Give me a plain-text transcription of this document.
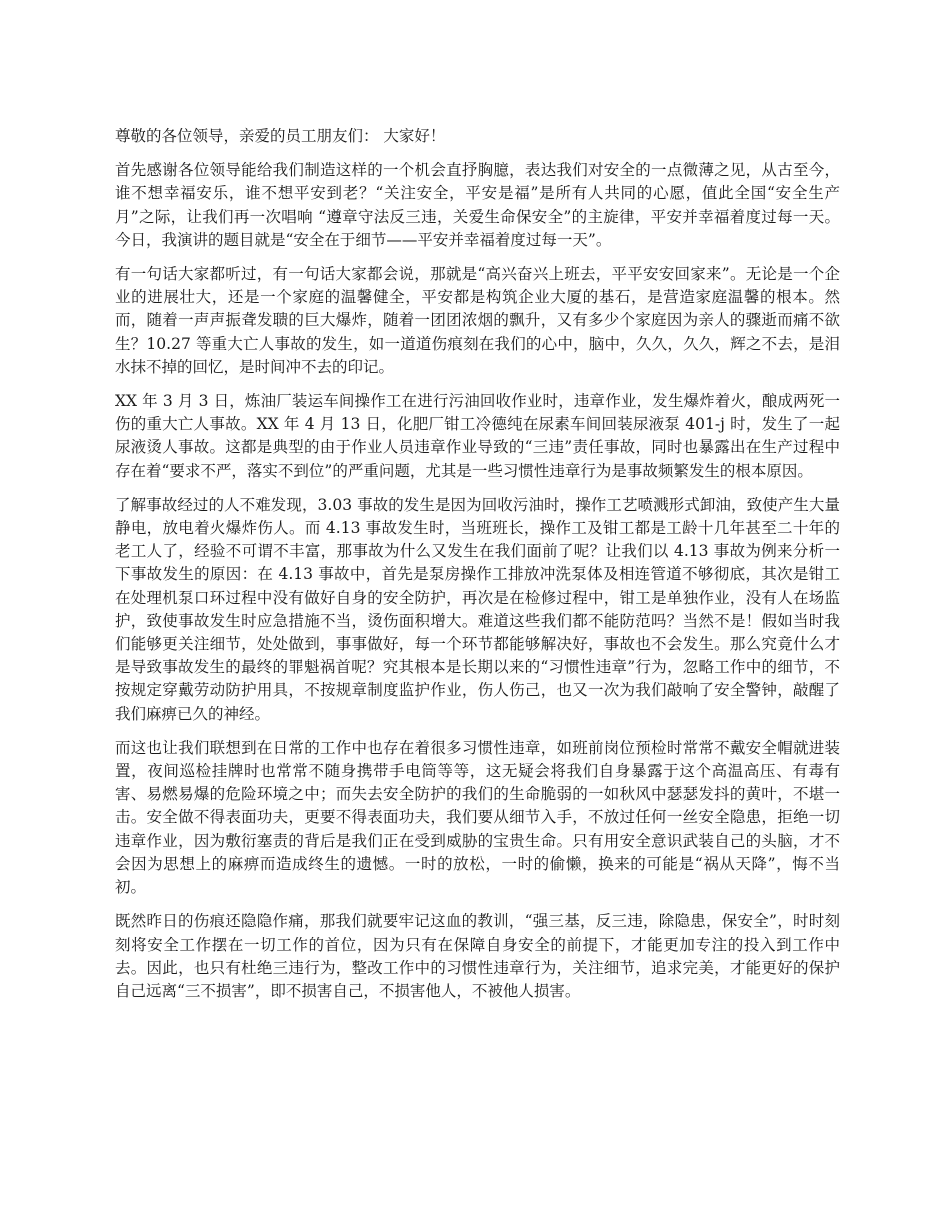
尊敬的各位领导，亲爱的员工朋友们： 大家好！

首先感谢各位领导能给我们制造这样的一个机会直抒胸臆，表达我们对安全的一点微薄之见，从古至今，谁不想幸福安乐，谁不想平安到老？“关注安全，平安是福”是所有人共同的心愿，值此全国“安全生产月”之际，让我们再一次唱响 “遵章守法反三违，关爱生命保安全”的主旋律，平安并幸福着度过每一天。今日，我演讲的题目就是“安全在于细节——平安并幸福着度过每一天”。

有一句话大家都听过，有一句话大家都会说，那就是“高兴奋兴上班去，平平安安回家来”。无论是一个企业的进展壮大，还是一个家庭的温馨健全，平安都是构筑企业大厦的基石，是营造家庭温馨的根本。然而，随着一声声振聋发聩的巨大爆炸，随着一团团浓烟的飘升，又有多少个家庭因为亲人的骤逝而痛不欲生？10.27 等重大亡人事故的发生，如一道道伤痕刻在我们的心中，脑中，久久，久久，辉之不去，是泪水抹不掉的回忆，是时间冲不去的印记。

XX 年 3 月 3 日，炼油厂装运车间操作工在进行污油回收作业时，违章作业，发生爆炸着火，酿成两死一伤的重大亡人事故。XX 年 4 月 13 日，化肥厂钳工冷德纯在尿素车间回装尿液泵 401-j 时，发生了一起尿液烫人事故。这都是典型的由于作业人员违章作业导致的“三违”责任事故，同时也暴露出在生产过程中存在着“要求不严，落实不到位”的严重问题，尤其是一些习惯性违章行为是事故频繁发生的根本原因。

了解事故经过的人不难发现，3.03 事故的发生是因为回收污油时，操作工艺喷溅形式卸油，致使产生大量静电，放电着火爆炸伤人。而 4.13 事故发生时，当班班长，操作工及钳工都是工龄十几年甚至二十年的老工人了，经验不可谓不丰富，那事故为什么又发生在我们面前了呢？让我们以 4.13 事故为例来分析一下事故发生的原因：在 4.13 事故中，首先是泵房操作工排放冲洗泵体及相连管道不够彻底，其次是钳工在处理机泵口环过程中没有做好自身的安全防护，再次是在检修过程中，钳工是单独作业，没有人在场监护，致使事故发生时应急措施不当，烫伤面积增大。难道这些我们都不能防范吗？当然不是！假如当时我们能够更关注细节，处处做到，事事做好，每一个环节都能够解决好，事故也不会发生。那么究竟什么才是导致事故发生的最终的罪魁祸首呢？究其根本是长期以来的“习惯性违章”行为，忽略工作中的细节，不按规定穿戴劳动防护用具，不按规章制度监护作业，伤人伤己，也又一次为我们敲响了安全警钟，敲醒了我们麻痹已久的神经。

而这也让我们联想到在日常的工作中也存在着很多习惯性违章，如班前岗位预检时常常不戴安全帽就进装置，夜间巡检挂牌时也常常不随身携带手电筒等等，这无疑会将我们自身暴露于这个高温高压、有毒有害、易燃易爆的危险环境之中；而失去安全防护的我们的生命脆弱的一如秋风中瑟瑟发抖的黄叶，不堪一击。安全做不得表面功夫，更要不得表面功夫，我们要从细节入手，不放过任何一丝安全隐患，拒绝一切违章作业，因为敷衍塞责的背后是我们正在受到威胁的宝贵生命。只有用安全意识武装自己的头脑，才不会因为思想上的麻痹而造成终生的遗憾。一时的放松，一时的偷懒，换来的可能是“祸从天降”，悔不当初。

既然昨日的伤痕还隐隐作痛，那我们就要牢记这血的教训，“强三基，反三违，除隐患，保安全”，时时刻刻将安全工作摆在一切工作的首位，因为只有在保障自身安全的前提下，才能更加专注的投入到工作中去。因此，也只有杜绝三违行为，整改工作中的习惯性违章行为，关注细节，追求完美，才能更好的保护自己远离“三不损害”，即不损害自己，不损害他人，不被他人损害。
